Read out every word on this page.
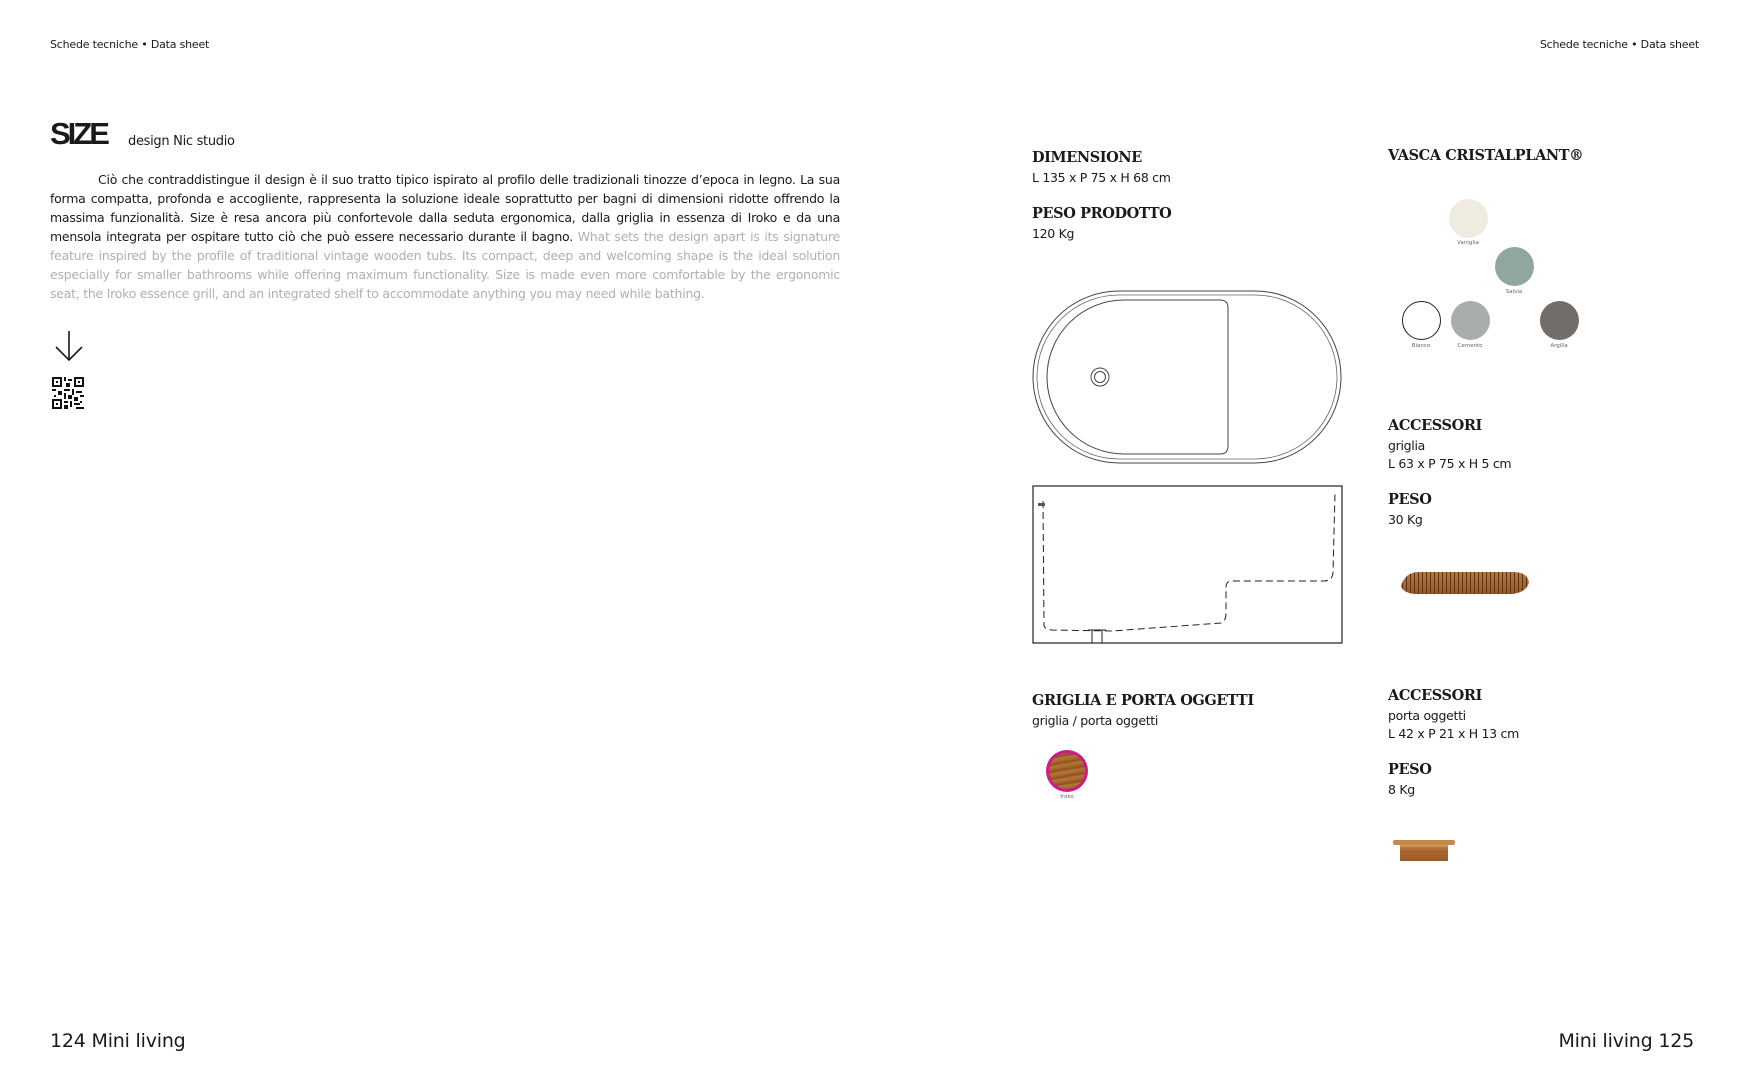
Schede tecniche • Data sheet	Schede tecniche • Data sheet
SIZE design Nic studio
Ciò che contraddistingue il design è il suo tratto tipico ispirato al profilo delle tradizionali tinozze d’epoca in legno. La sua forma compatta, profonda e accogliente, rappresenta la soluzione ideale soprattutto per bagni di dimensioni ridotte offrendo la massima funzionalità. Size è resa ancora più confortevole dalla seduta ergonomica, dalla griglia in essenza di Iroko e da una mensola integrata per ospitare tutto ciò che può essere necessario durante il bagno. What sets the design apart is its signature feature inspired by the profile of traditional vintage wooden tubs. Its compact, deep and welcoming shape is the ideal solution especially for smaller bathrooms while offering maximum functionality. Size is made even more comfortable by the ergonomic seat, the Iroko essence grill, and an integrated shelf to accommodate anything you may need while bathing.
DIMENSIONE
L 135 x P 75 x H 68 cm
PESO PRODOTTO
120 Kg
VASCA CRISTALPLANT®
Vaniglia
Salvia
Bianco	Cemento	Argilla
ACCESSORI
griglia
L 63 x P 75 x H 5 cm
PESO
30 Kg
GRIGLIA E PORTA OGGETTI
griglia / porta oggetti
Iroko
ACCESSORI
porta oggetti
L 42 x P 21 x H 13 cm
PESO
8 Kg
124 Mini living	Mini living 125
